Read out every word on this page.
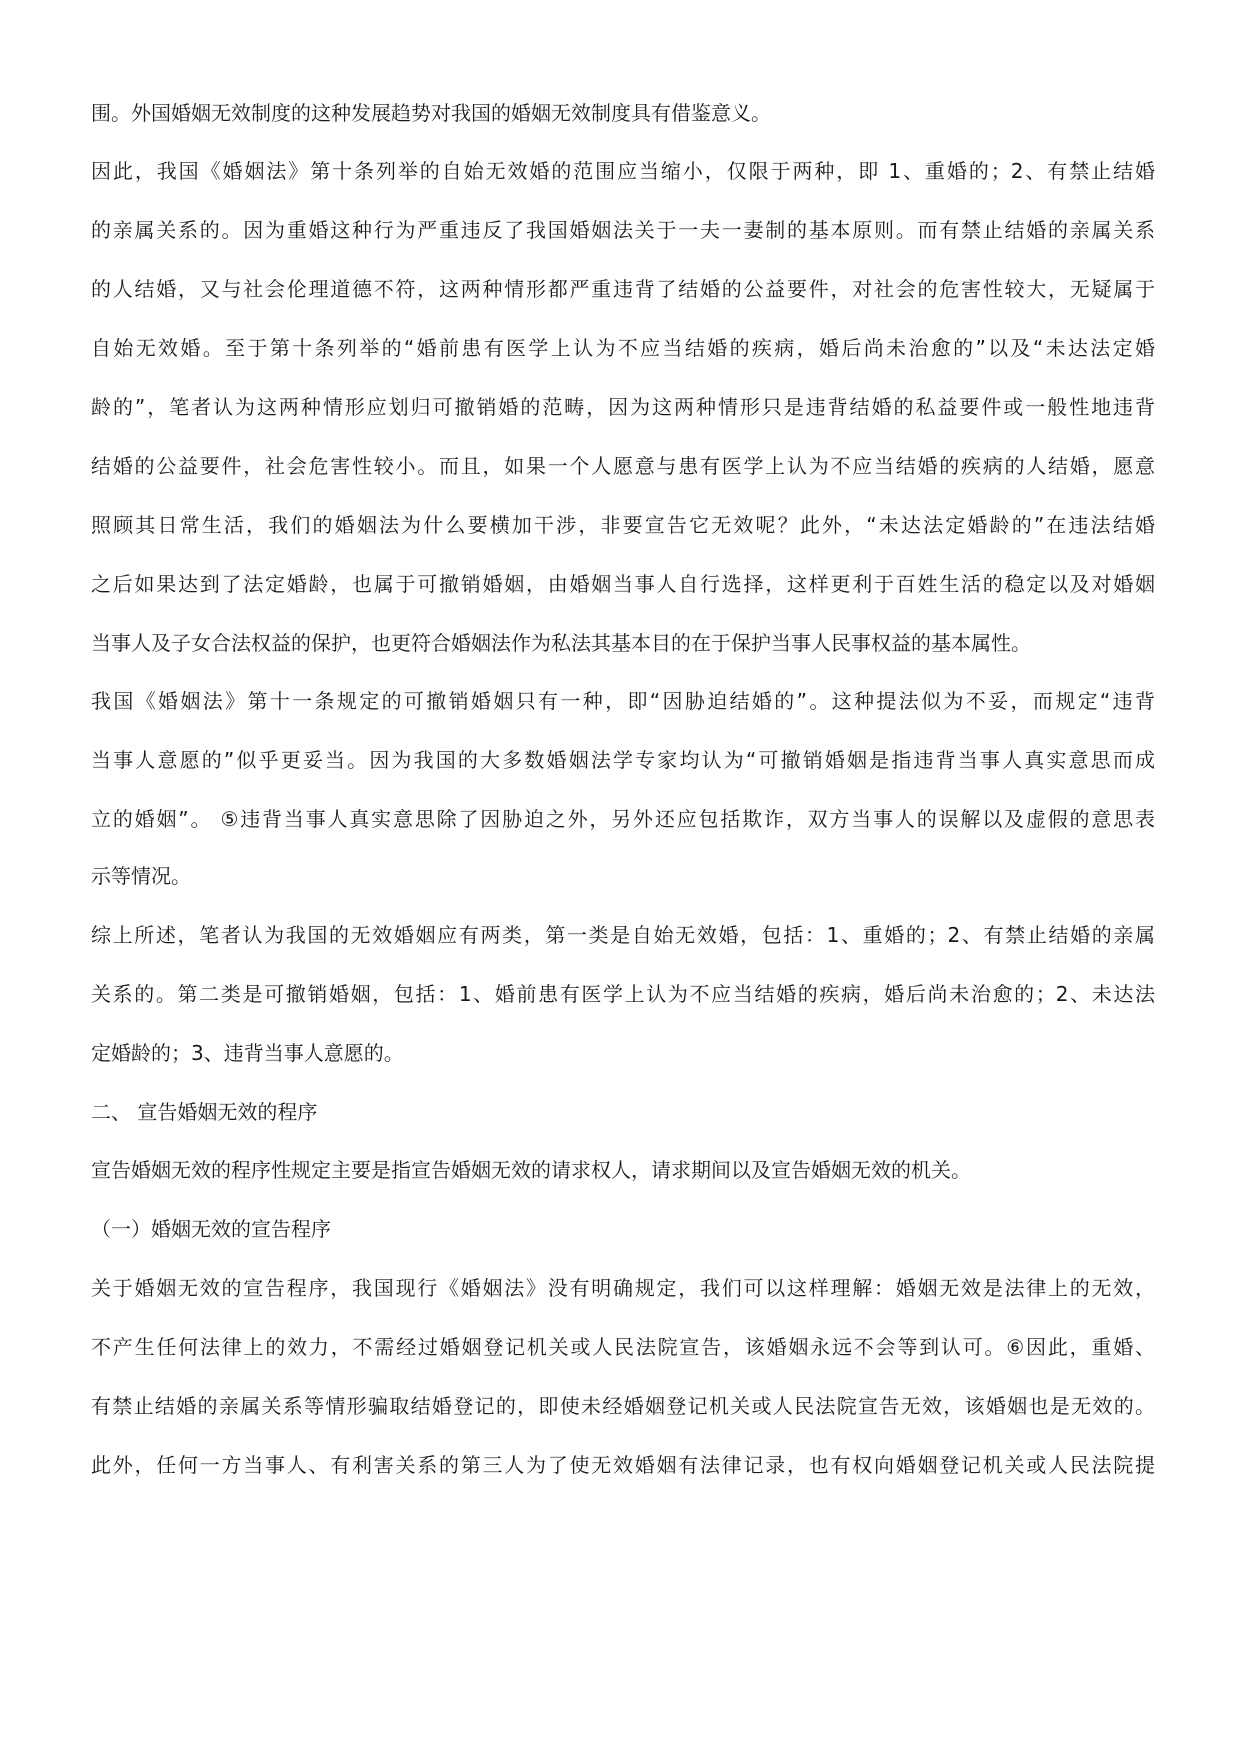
围。外国婚姻无效制度的这种发展趋势对我国的婚姻无效制度具有借鉴意义。
因此，我国《婚姻法》第十条列举的自始无效婚的范围应当缩小，仅限于两种，即 1、重婚的；2、有禁止结婚
的亲属关系的。因为重婚这种行为严重违反了我国婚姻法关于一夫一妻制的基本原则。而有禁止结婚的亲属关系
的人结婚，又与社会伦理道德不符，这两种情形都严重违背了结婚的公益要件，对社会的危害性较大，无疑属于
自始无效婚。至于第十条列举的“婚前患有医学上认为不应当结婚的疾病，婚后尚未治愈的”以及“未达法定婚
龄的”，笔者认为这两种情形应划归可撤销婚的范畴，因为这两种情形只是违背结婚的私益要件或一般性地违背
结婚的公益要件，社会危害性较小。而且，如果一个人愿意与患有医学上认为不应当结婚的疾病的人结婚，愿意
照顾其日常生活，我们的婚姻法为什么要横加干涉，非要宣告它无效呢？此外，“未达法定婚龄的”在违法结婚
之后如果达到了法定婚龄，也属于可撤销婚姻，由婚姻当事人自行选择，这样更利于百姓生活的稳定以及对婚姻
当事人及子女合法权益的保护，也更符合婚姻法作为私法其基本目的在于保护当事人民事权益的基本属性。
我国《婚姻法》第十一条规定的可撤销婚姻只有一种，即“因胁迫结婚的”。这种提法似为不妥，而规定“违背
当事人意愿的”似乎更妥当。因为我国的大多数婚姻法学专家均认为“可撤销婚姻是指违背当事人真实意思而成
立的婚姻”。 ⑤违背当事人真实意思除了因胁迫之外，另外还应包括欺诈，双方当事人的误解以及虚假的意思表
示等情况。
综上所述，笔者认为我国的无效婚姻应有两类，第一类是自始无效婚，包括：1、重婚的；2、有禁止结婚的亲属
关系的。第二类是可撤销婚姻，包括：1、婚前患有医学上认为不应当结婚的疾病，婚后尚未治愈的；2、未达法
定婚龄的；3、违背当事人意愿的。
二、 宣告婚姻无效的程序
宣告婚姻无效的程序性规定主要是指宣告婚姻无效的请求权人，请求期间以及宣告婚姻无效的机关。
（一）婚姻无效的宣告程序
关于婚姻无效的宣告程序，我国现行《婚姻法》没有明确规定，我们可以这样理解：婚姻无效是法律上的无效，
不产生任何法律上的效力，不需经过婚姻登记机关或人民法院宣告，该婚姻永远不会等到认可。⑥因此，重婚、
有禁止结婚的亲属关系等情形骗取结婚登记的，即使未经婚姻登记机关或人民法院宣告无效，该婚姻也是无效的。
此外，任何一方当事人、有利害关系的第三人为了使无效婚姻有法律记录，也有权向婚姻登记机关或人民法院提
